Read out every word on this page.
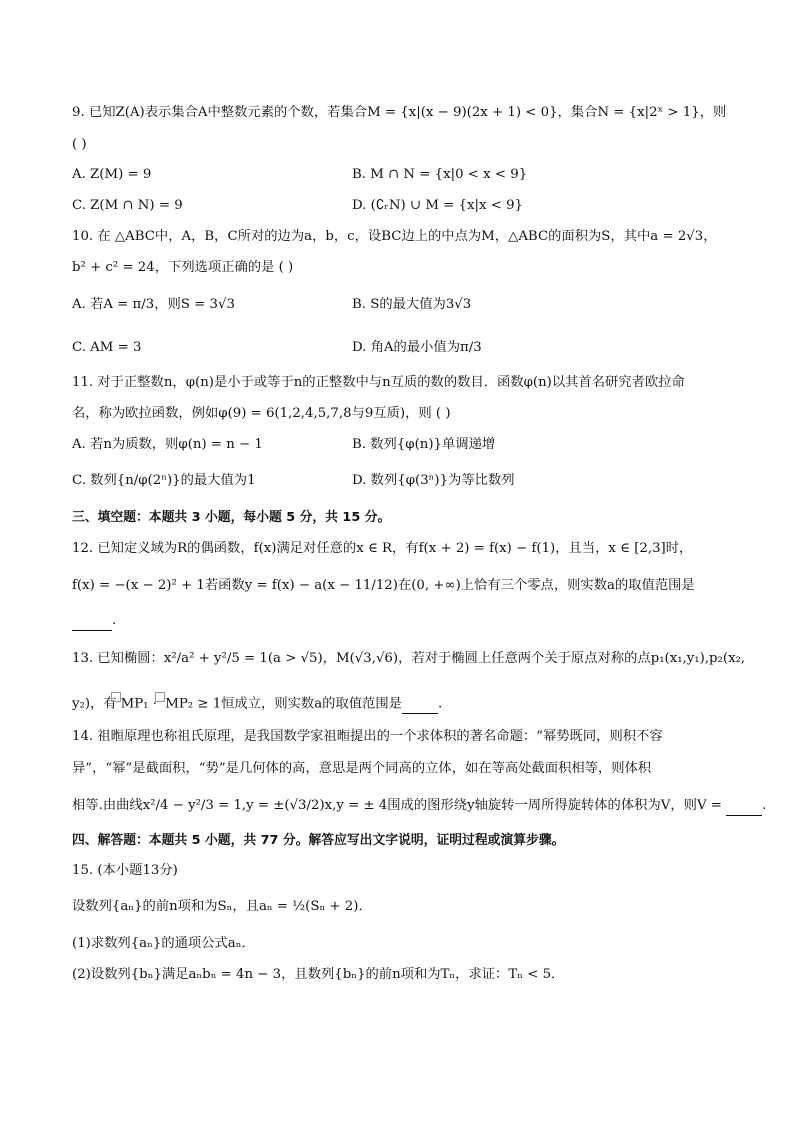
9. 已知Z(A)表示集合A中整数元素的个数，若集合M = {x|(x − 9)(2x + 1) < 0}，集合N = {x|2ˣ > 1}，则
( )
A. Z(M) = 9	B. M ∩ N = {x|0 < x < 9}
C. Z(M ∩ N) = 9	D. (∁ᵣN) ∪ M = {x|x < 9}
10. 在 △ABC中，A，B，C所对的边为a，b，c，设BC边上的中点为M，△ABC的面积为S，其中a = 2√3，
b² + c² = 24，下列选项正确的是 ( )
A. 若A = π/3，则S = 3√3	B. S的最大值为3√3
C. AM = 3	D. 角A的最小值为π/3
11. 对于正整数n，φ(n)是小于或等于n的正整数中与n互质的数的数目．函数φ(n)以其首名研究者欧拉命
名，称为欧拉函数，例如φ(9) = 6(1,2,4,5,7,8与9互质)，则 ( )
A. 若n为质数，则φ(n) = n − 1	B. 数列{φ(n)}单调递增
C. 数列{n/φ(2ⁿ)}的最大值为1	D. 数列{φ(3ⁿ)}为等比数列
三、填空题：本题共 3 小题，每小题 5 分，共 15 分。
12. 已知定义域为R的偶函数，f(x)满足对任意的x ∈ R，有f(x + 2) = f(x) − f(1)，且当，x ∈ [2,3]时，
f(x) = −(x − 2)² + 1若函数y = f(x) − a(x − 11/12)在(0, +∞)上恰有三个零点，则实数a的取值范围是
.
13. 已知椭圆：x²/a² + y²/5 = 1(a > √5)，M(√3,√6)，若对于椭圆上任意两个关于原点对称的点p₁(x₁,y₁),p₂(x₂,
y₂)，有 MP₁ · MP₂ ≥ 1恒成立，则实数a的取值范围是	.
14. 祖暅原理也称祖氏原理，是我国数学家祖暅提出的一个求体积的著名命题：“幂势既同，则积不容
异”，“幂”是截面积，“势”是几何体的高，意思是两个同高的立体，如在等高处截面积相等，则体积
相等.由曲线x²/4 − y²/3 = 1,y = ±(√3/2)x,y = ± 4围成的图形绕y轴旋转一周所得旋转体的体积为V，则V =	.
四、解答题：本题共 5 小题，共 77 分。解答应写出文字说明，证明过程或演算步骤。
15. (本小题13分)
设数列{aₙ}的前n项和为Sₙ，且aₙ = ½(Sₙ + 2)．
(1)求数列{aₙ}的通项公式aₙ．
(2)设数列{bₙ}满足aₙbₙ = 4n − 3，且数列{bₙ}的前n项和为Tₙ，求证：Tₙ < 5．
